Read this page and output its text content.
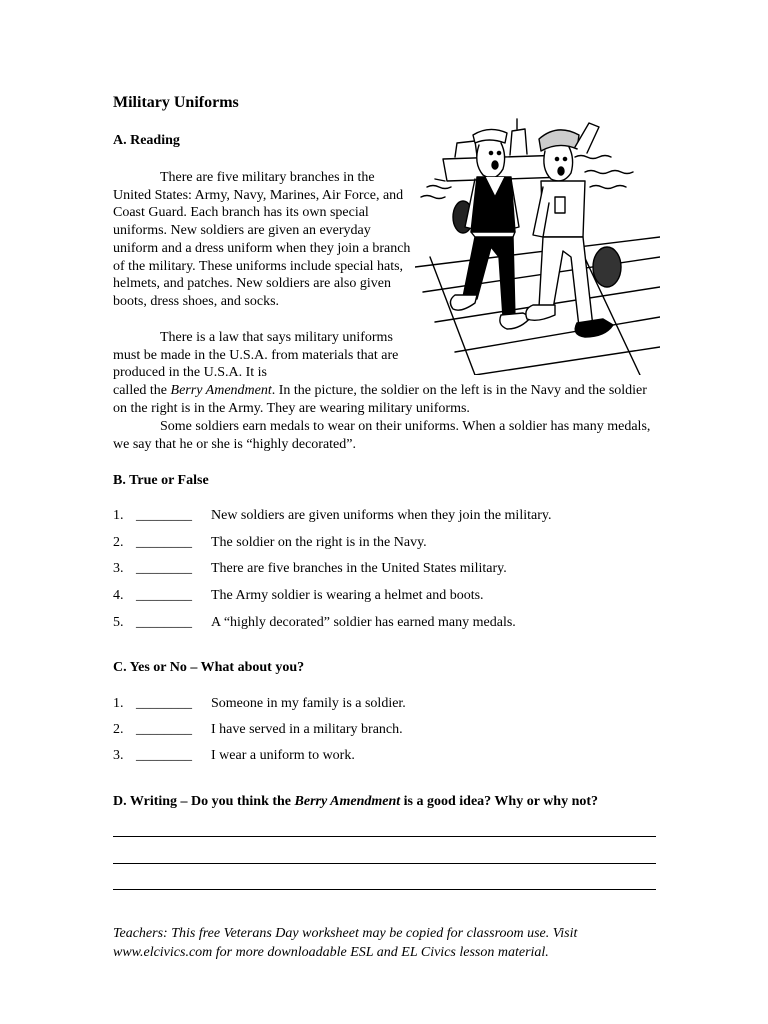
Military Uniforms
A. Reading
There are five military branches in the United States: Army, Navy, Marines, Air Force, and Coast Guard. Each branch has its own special uniforms. New soldiers are given an everyday uniform and a dress uniform when they join a branch of the military. These uniforms include special hats, helmets, and patches. New soldiers are also given boots, dress shoes, and socks.
There is a law that says military uniforms must be made in the U.S.A. from materials that are produced in the U.S.A. It is
called the Berry Amendment. In the picture, the soldier on the left is in the Navy and the soldier on the right is in the Army. They are wearing military uniforms.
Some soldiers earn medals to wear on their uniforms. When a soldier has many medals, we say that he or she is “highly decorated”.
B. True or False
1. ________ New soldiers are given uniforms when they join the military.
2. ________ The soldier on the right is in the Navy.
3. ________ There are five branches in the United States military.
4. ________ The Army soldier is wearing a helmet and boots.
5. ________ A “highly decorated” soldier has earned many medals.
C. Yes or No – What about you?
1. ________ Someone in my family is a soldier.
2. ________ I have served in a military branch.
3. ________ I wear a uniform to work.
D. Writing – Do you think the Berry Amendment is a good idea? Why or why not?
Teachers: This free Veterans Day worksheet may be copied for classroom use. Visit
www.elcivics.com for more downloadable ESL and EL Civics lesson material.
